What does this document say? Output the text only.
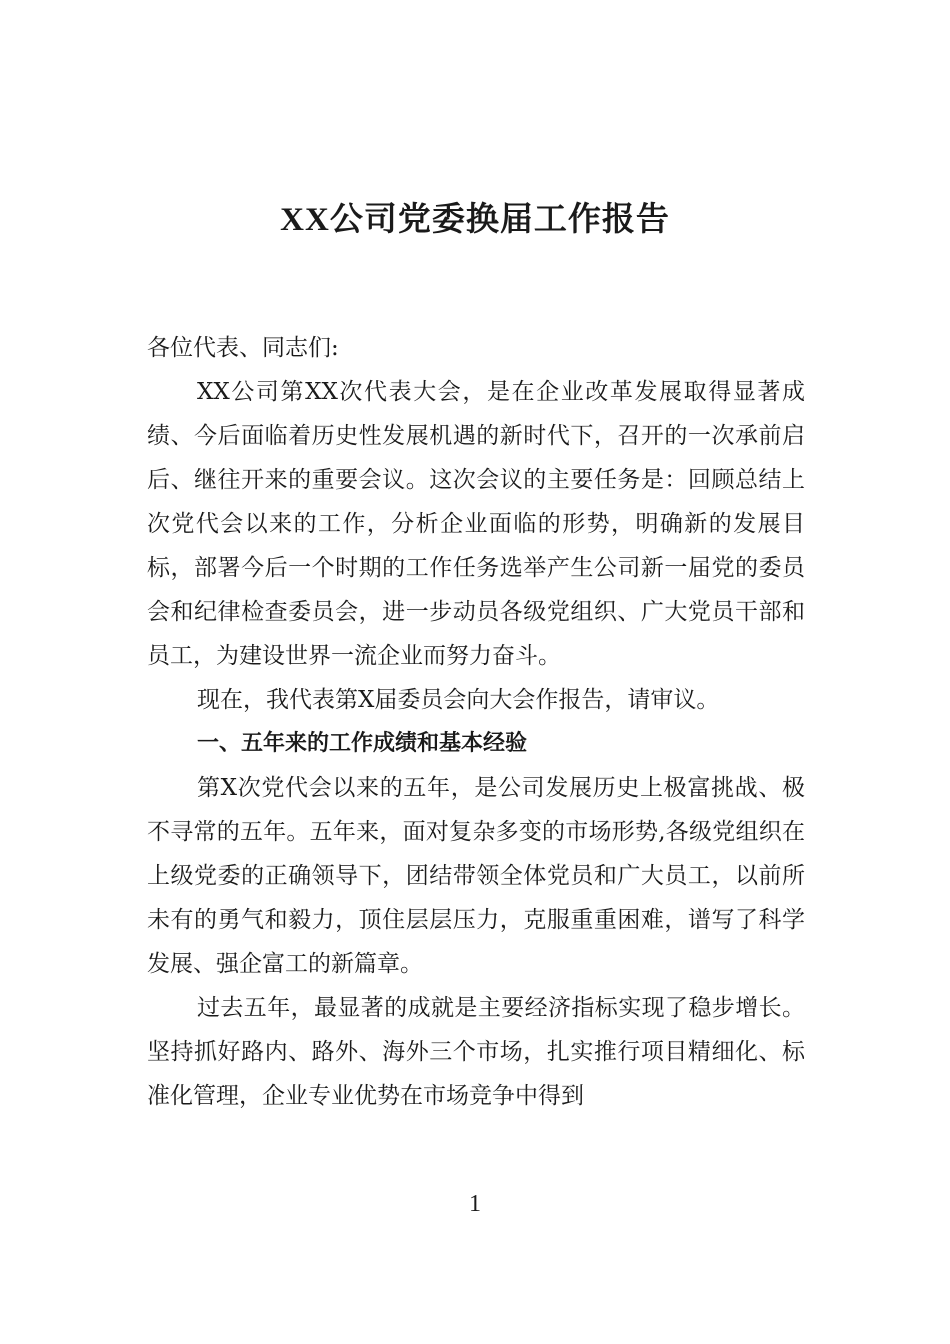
XX公司党委换届工作报告

各位代表、同志们:

XX公司第XX次代表大会，是在企业改革发展取得显著成绩、今后面临着历史性发展机遇的新时代下，召开的一次承前启后、继往开来的重要会议。这次会议的主要任务是：回顾总结上次党代会以来的工作，分析企业面临的形势，明确新的发展目标，部署今后一个时期的工作任务选举产生公司新一届党的委员会和纪律检查委员会，进一步动员各级党组织、广大党员干部和员工，为建设世界一流企业而努力奋斗。

现在，我代表第X届委员会向大会作报告，请审议。

一、五年来的工作成绩和基本经验

第X次党代会以来的五年，是公司发展历史上极富挑战、极不寻常的五年。五年来，面对复杂多变的市场形势,各级党组织在上级党委的正确领导下，团结带领全体党员和广大员工，以前所未有的勇气和毅力，顶住层层压力，克服重重困难，谱写了科学发展、强企富工的新篇章。

过去五年，最显著的成就是主要经济指标实现了稳步增长。坚持抓好路内、路外、海外三个市场，扎实推行项目精细化、标准化管理，企业专业优势在市场竞争中得到

1
